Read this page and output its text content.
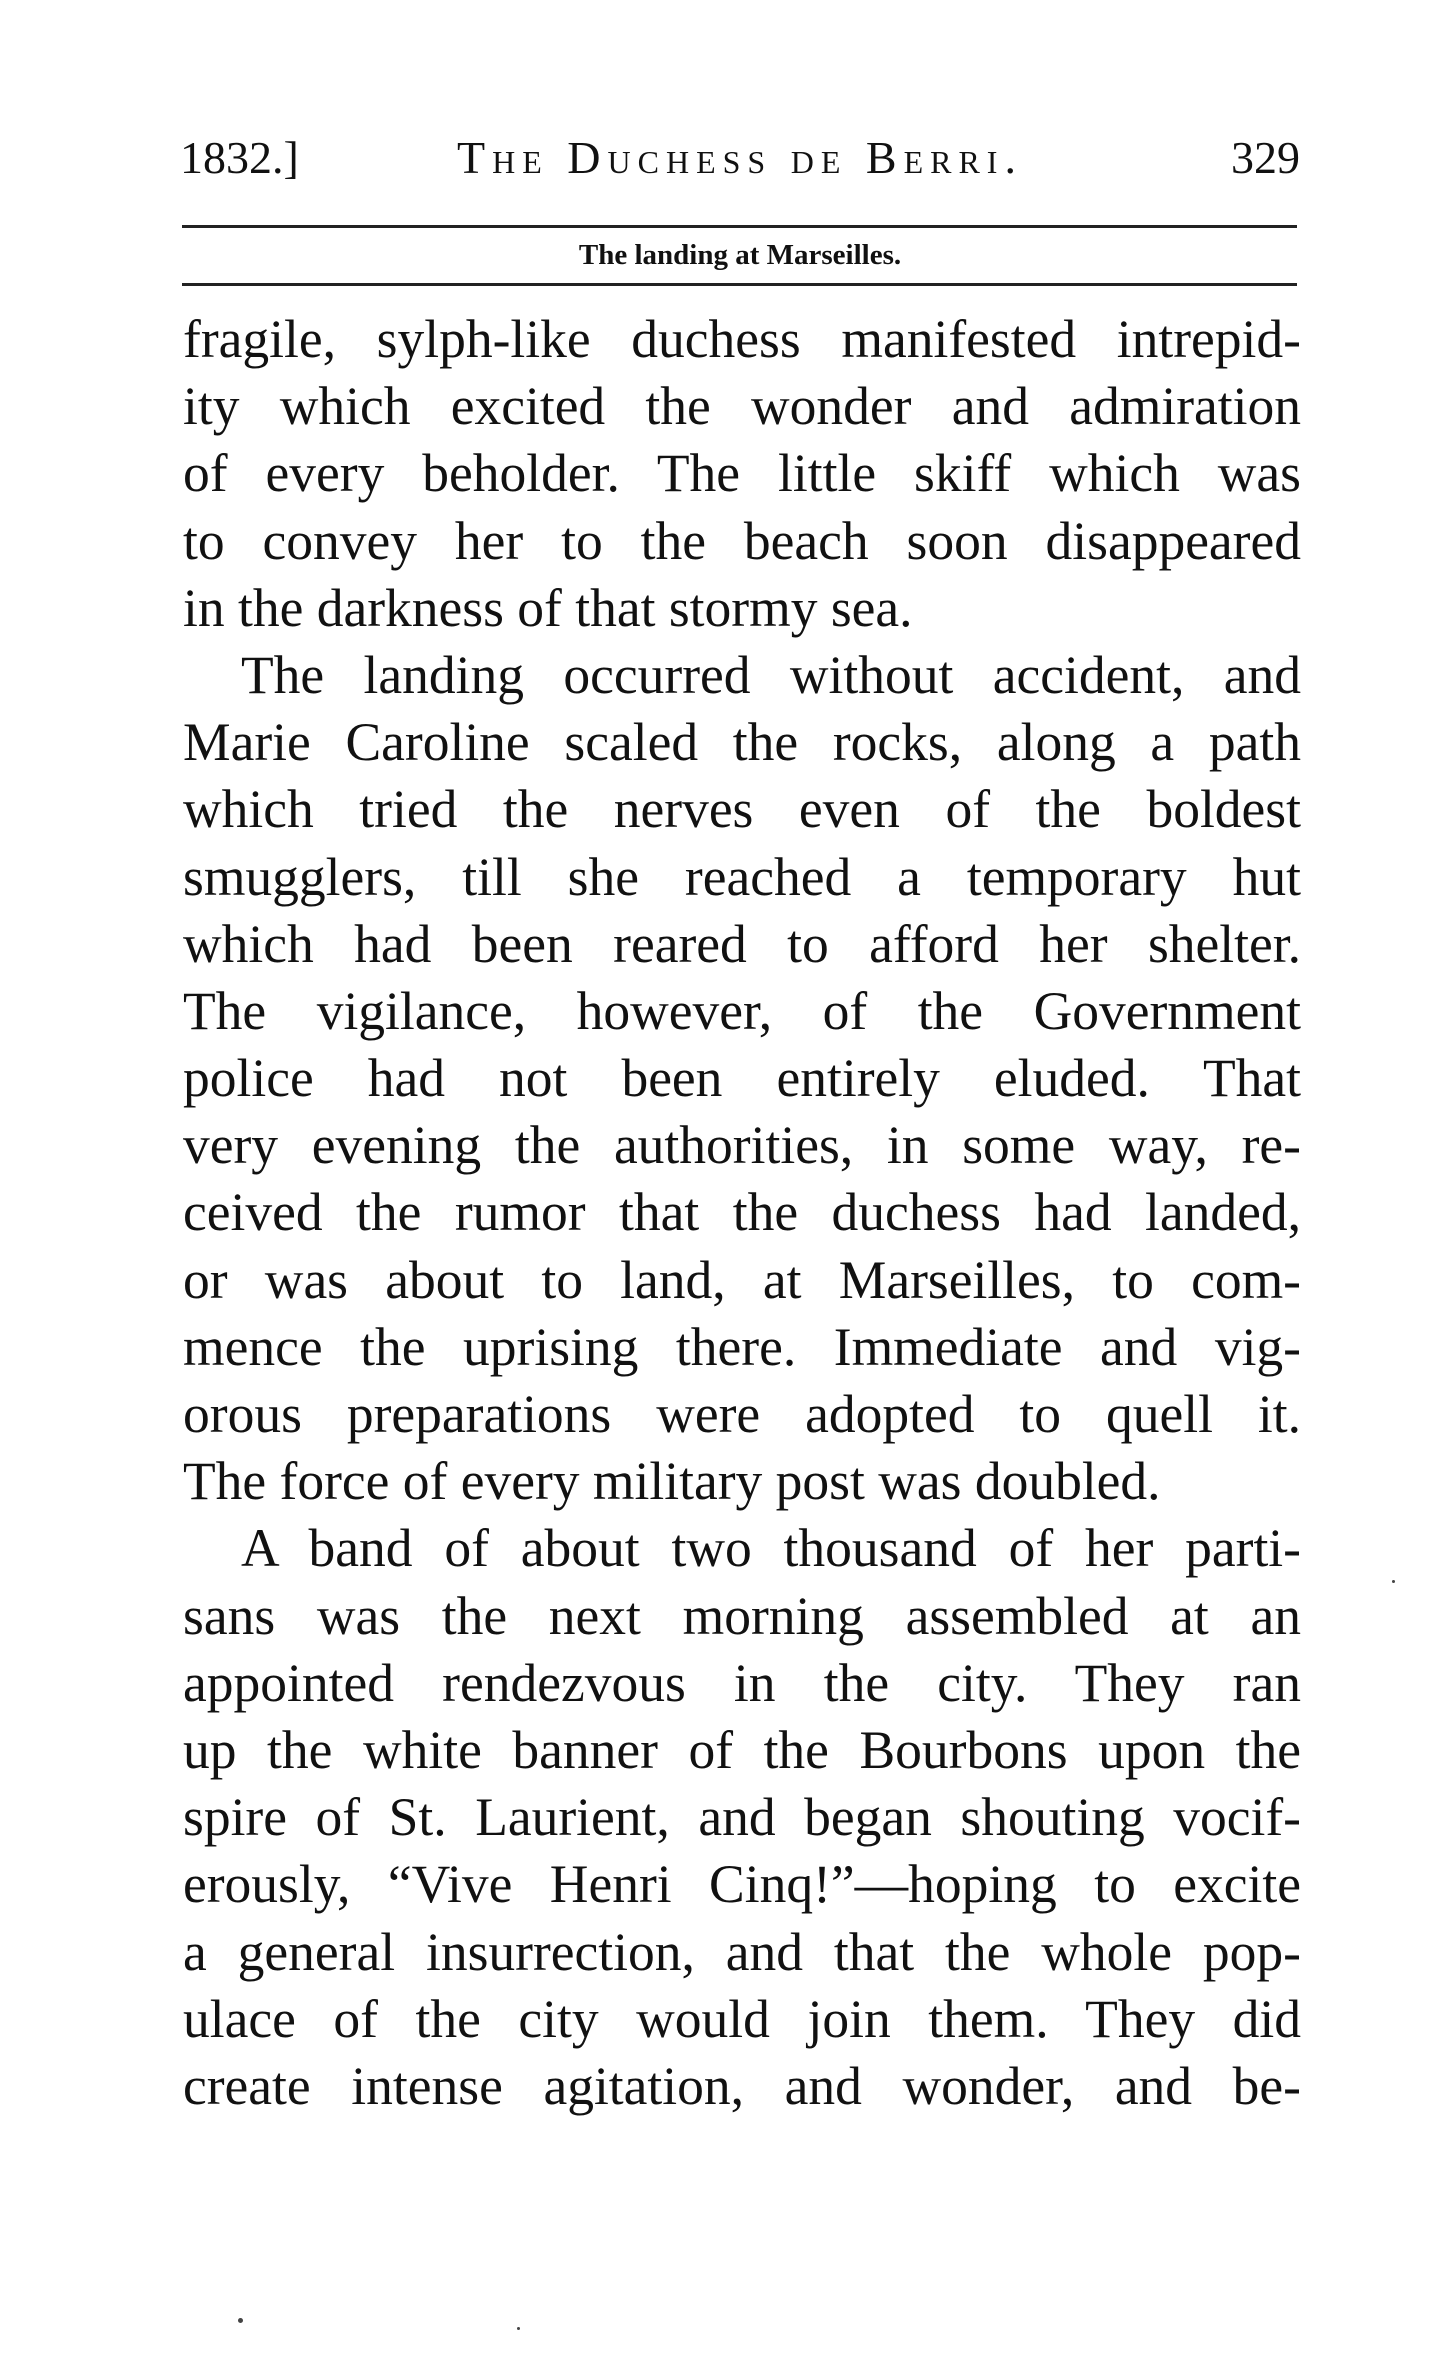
1832.]	The Duchess de Berri.	329
The landing at Marseilles.
fragile, sylph-like duchess manifested intrepid-
ity which excited the wonder and admiration
of every beholder. The little skiff which was
to convey her to the beach soon disappeared
in the darkness of that stormy sea.
The landing occurred without accident, and
Marie Caroline scaled the rocks, along a path
which tried the nerves even of the boldest
smugglers, till she reached a temporary hut
which had been reared to afford her shelter.
The vigilance, however, of the Government
police had not been entirely eluded. That
very evening the authorities, in some way, re-
ceived the rumor that the duchess had landed,
or was about to land, at Marseilles, to com-
mence the uprising there. Immediate and vig-
orous preparations were adopted to quell it.
The force of every military post was doubled.
A band of about two thousand of her parti-
sans was the next morning assembled at an
appointed rendezvous in the city. They ran
up the white banner of the Bourbons upon the
spire of St. Laurient, and began shouting vocif-
erously, “Vive Henri Cinq!”—hoping to excite
a general insurrection, and that the whole pop-
ulace of the city would join them. They did
create intense agitation, and wonder, and be-
